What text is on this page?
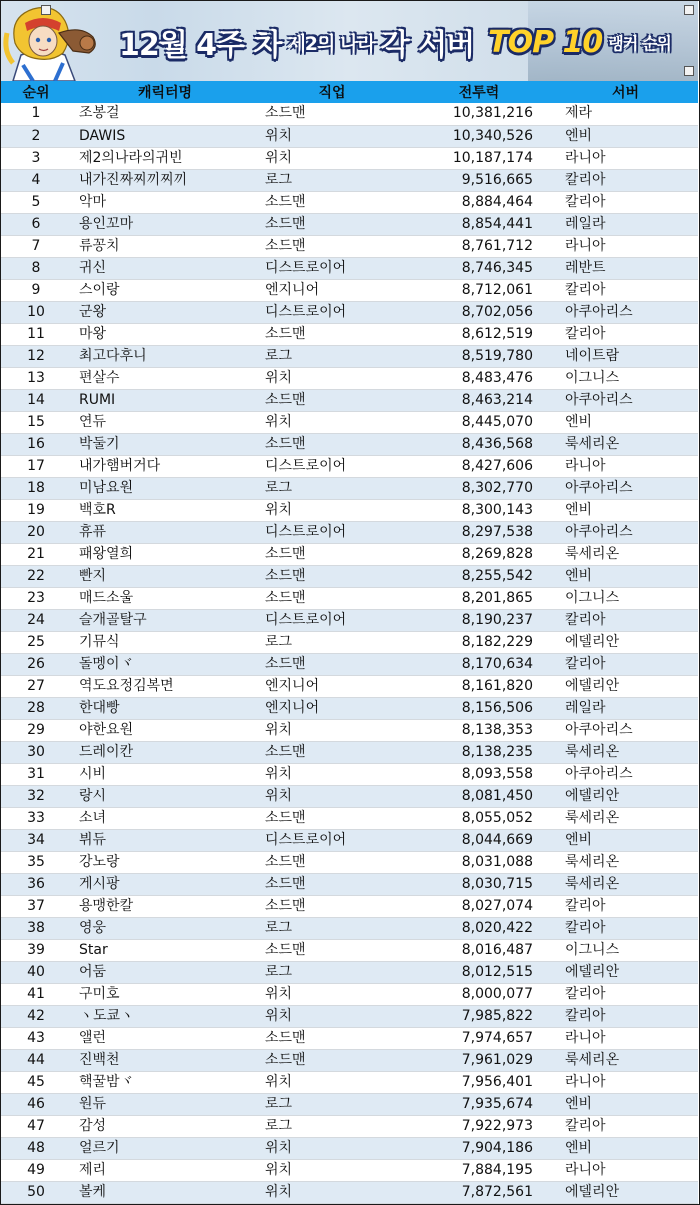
12월 4주 차 제2의 나라 각 서버 TOP 10 랭커 순위
순위	캐릭터명	직업	전투력	서버
1	조봉걸	소드맨	10,381,216	제라
2	DAWIS	위치	10,340,526	엔비
3	제2의나라의귀빈	위치	10,187,174	라니아
4	내가진짜찌끼찌끼	로그	9,516,665	칼리아
5	악마	소드맨	8,884,464	칼리아
6	용인꼬마	소드맨	8,854,441	레일라
7	류꽁치	소드맨	8,761,712	라니아
8	귀신	디스트로이어	8,746,345	레반트
9	스이랑	엔지니어	8,712,061	칼리아
10	군왕	디스트로이어	8,702,056	아쿠아리스
11	마왕	소드맨	8,612,519	칼리아
12	최고다후니	로그	8,519,780	네이트람
13	편살수	위치	8,483,476	이그니스
14	RUMI	소드맨	8,463,214	아쿠아리스
15	연듀	위치	8,445,070	엔비
16	박둘기	소드맨	8,436,568	룩세리온
17	내가햄버거다	디스트로이어	8,427,606	라니아
18	미남요원	로그	8,302,770	아쿠아리스
19	백호R	위치	8,300,143	엔비
20	휴퓨	디스트로이어	8,297,538	아쿠아리스
21	패왕열희	소드맨	8,269,828	룩세리온
22	빤지	소드맨	8,255,542	엔비
23	매드소울	소드맨	8,201,865	이그니스
24	슬개골탈구	디스트로이어	8,190,237	칼리아
25	기뮤식	로그	8,182,229	에델리안
26	돌멩이ヾ	소드맨	8,170,634	칼리아
27	역도요정김복면	엔지니어	8,161,820	에델리안
28	한대빵	엔지니어	8,156,506	레일라
29	야한요원	위치	8,138,353	아쿠아리스
30	드레이칸	소드맨	8,138,235	룩세리온
31	시비	위치	8,093,558	아쿠아리스
32	랑시	위치	8,081,450	에델리안
33	소녀	소드맨	8,055,052	룩세리온
34	뷔듀	디스트로이어	8,044,669	엔비
35	강노랑	소드맨	8,031,088	룩세리온
36	게시팡	소드맨	8,030,715	룩세리온
37	용맹한칼	소드맨	8,027,074	칼리아
38	영웅	로그	8,020,422	칼리아
39	Star	소드맨	8,016,487	이그니스
40	어둠	로그	8,012,515	에델리안
41	구미호	위치	8,000,077	칼리아
42	ヽ도쿄ヽ	위치	7,985,822	칼리아
43	앨런	소드맨	7,974,657	라니아
44	진백천	소드맨	7,961,029	룩세리온
45	핵꿀밤ヾ	위치	7,956,401	라니아
46	원듀	로그	7,935,674	엔비
47	감성	로그	7,922,973	칼리아
48	얼르기	위치	7,904,186	엔비
49	제리	위치	7,884,195	라니아
50	볼케	위치	7,872,561	에델리안
